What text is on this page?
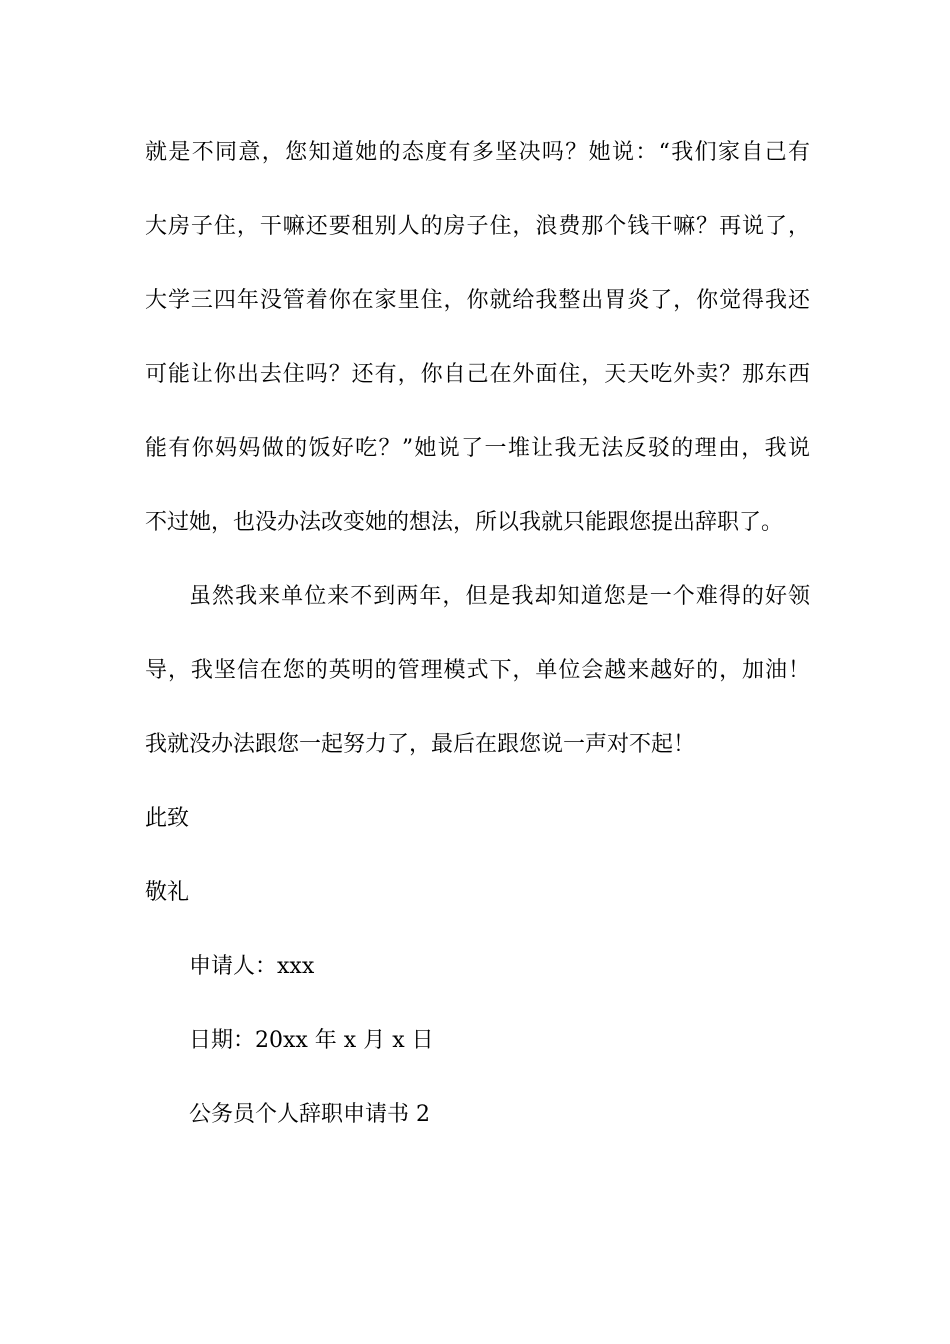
就是不同意，您知道她的态度有多坚决吗？她说：“我们家自己有
大房子住，干嘛还要租别人的房子住，浪费那个钱干嘛？再说了，
大学三四年没管着你在家里住，你就给我整出胃炎了，你觉得我还
可能让你出去住吗？还有，你自己在外面住，天天吃外卖？那东西
能有你妈妈做的饭好吃？”她说了一堆让我无法反驳的理由，我说
不过她，也没办法改变她的想法，所以我就只能跟您提出辞职了。
虽然我来单位来不到两年，但是我却知道您是一个难得的好领
导，我坚信在您的英明的管理模式下，单位会越来越好的，加油！
我就没办法跟您一起努力了，最后在跟您说一声对不起！
此致
敬礼
申请人：xxx
日期：20xx 年 x 月 x 日
公务员个人辞职申请书 2
